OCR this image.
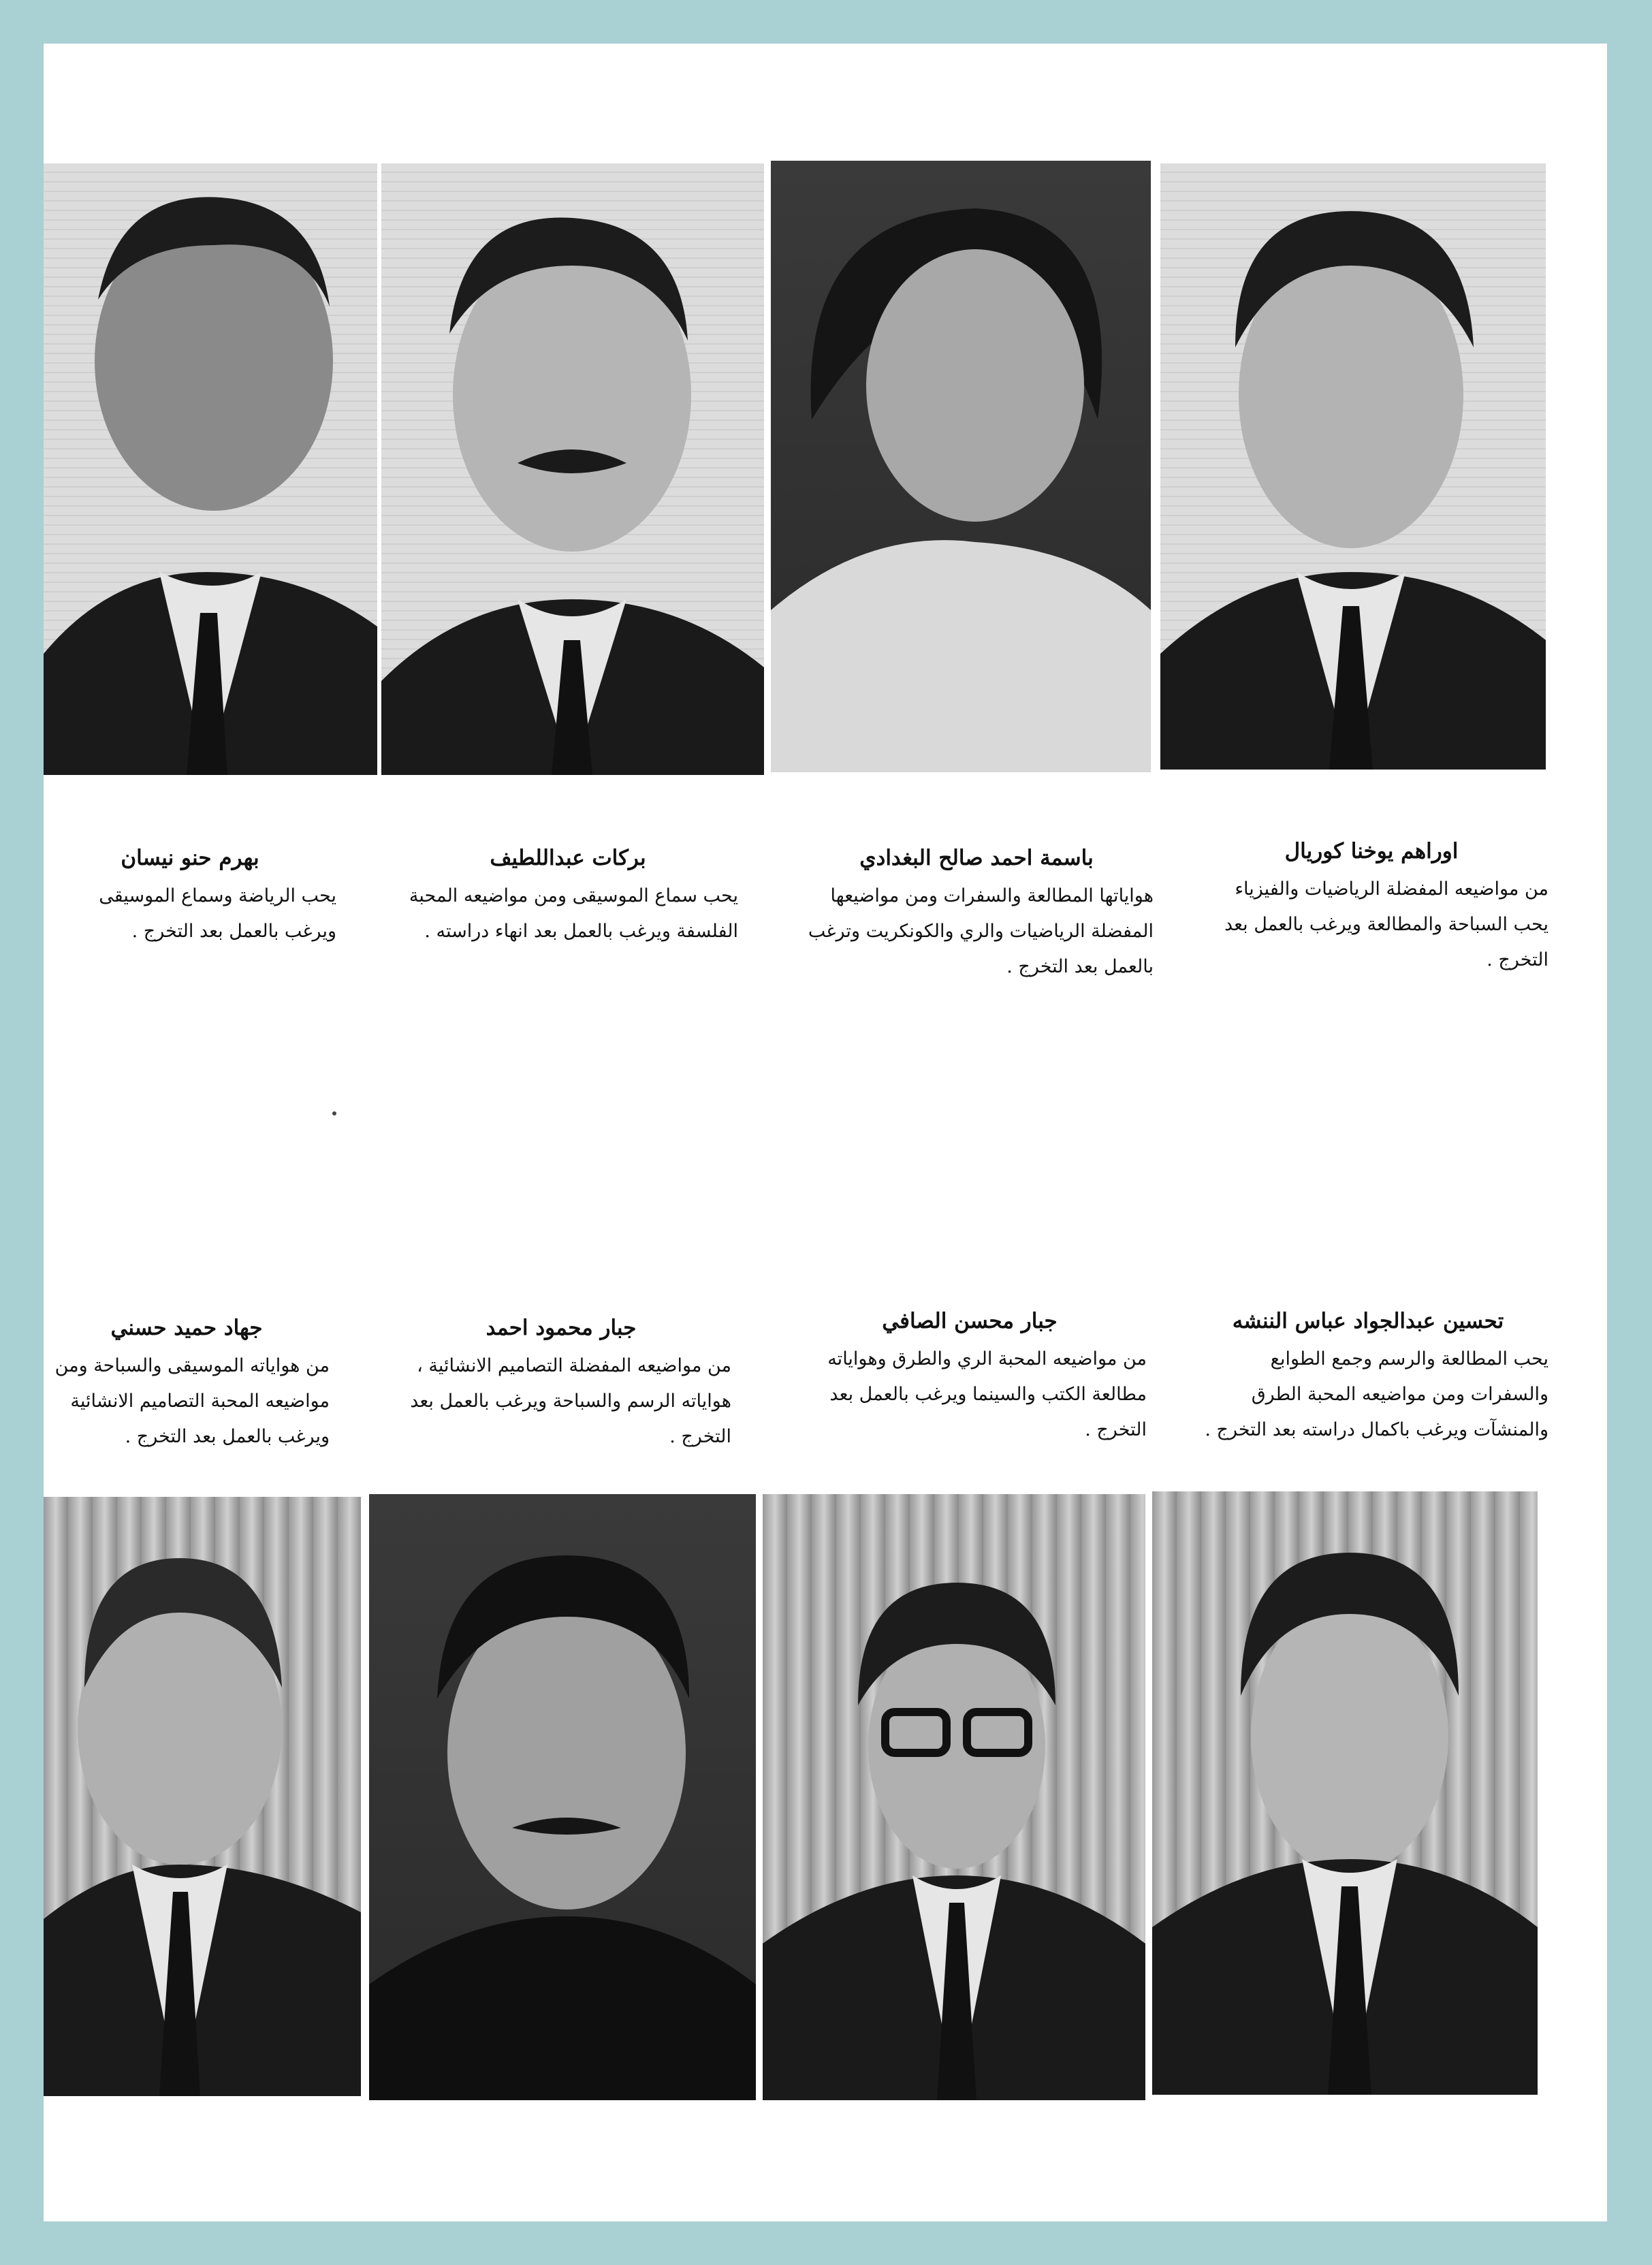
بهرم حنو نيسان
يحب الرياضة وسماع الموسيقى ويرغب بالعمل بعد التخرج .
بركات عبداللطيف
يحب سماع الموسيقى ومن مواضيعه المحبة الفلسفة ويرغب بالعمل بعد انهاء دراسته .
باسمة احمد صالح البغدادي
هواياتها المطالعة والسفرات ومن مواضيعها المفضلة الرياضيات والري والكونكريت وترغب بالعمل بعد التخرج .
اوراهم يوخنا كوريال
من مواضيعه المفضلة الرياضيات والفيزياء يحب السباحة والمطالعة ويرغب بالعمل بعد التخرج .
جهاد حميد حسني
من هواياته الموسيقى والسباحة ومن مواضيعه المحبة التصاميم الانشائية ويرغب بالعمل بعد التخرج .
جبار محمود احمد
من مواضيعه المفضلة التصاميم الانشائية ، هواياته الرسم والسباحة ويرغب بالعمل بعد التخرج .
جبار محسن الصافي
من مواضيعه المحبة الري والطرق وهواياته مطالعة الكتب والسينما ويرغب بالعمل بعد التخرج .
تحسين عبدالجواد عباس الننشه
يحب المطالعة والرسم وجمع الطوابع والسفرات ومن مواضيعه المحبة الطرق والمنشآت ويرغب باكمال دراسته بعد التخرج .
